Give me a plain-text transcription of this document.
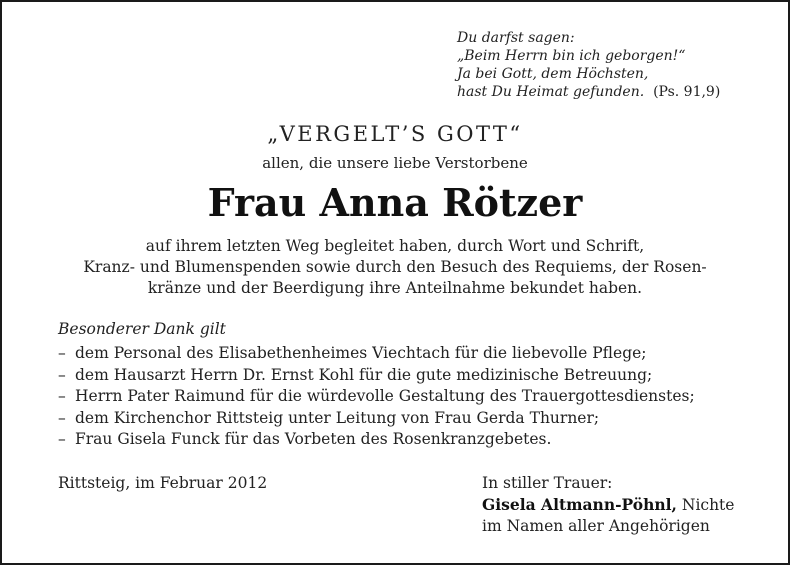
Du darfst sagen:
„Beim Herrn bin ich geborgen!“
Ja bei Gott, dem Höchsten,
hast Du Heimat gefunden. (Ps. 91,9)
„VERGELT’S GOTT“
allen, die unsere liebe Verstorbene
Frau Anna Rötzer
auf ihrem letzten Weg begleitet haben, durch Wort und Schrift,
Kranz- und Blumenspenden sowie durch den Besuch des Requiems, der Rosen-
kränze und der Beerdigung ihre Anteilnahme bekundet haben.
Besonderer Dank gilt
– dem Personal des Elisabethenheimes Viechtach für die liebevolle Pflege;
– dem Hausarzt Herrn Dr. Ernst Kohl für die gute medizinische Betreuung;
– Herrn Pater Raimund für die würdevolle Gestaltung des Trauergottesdienstes;
– dem Kirchenchor Rittsteig unter Leitung von Frau Gerda Thurner;
– Frau Gisela Funck für das Vorbeten des Rosenkranzgebetes.
Rittsteig, im Februar 2012	In stiller Trauer:
Gisela Altmann-Pöhnl, Nichte
im Namen aller Angehörigen
